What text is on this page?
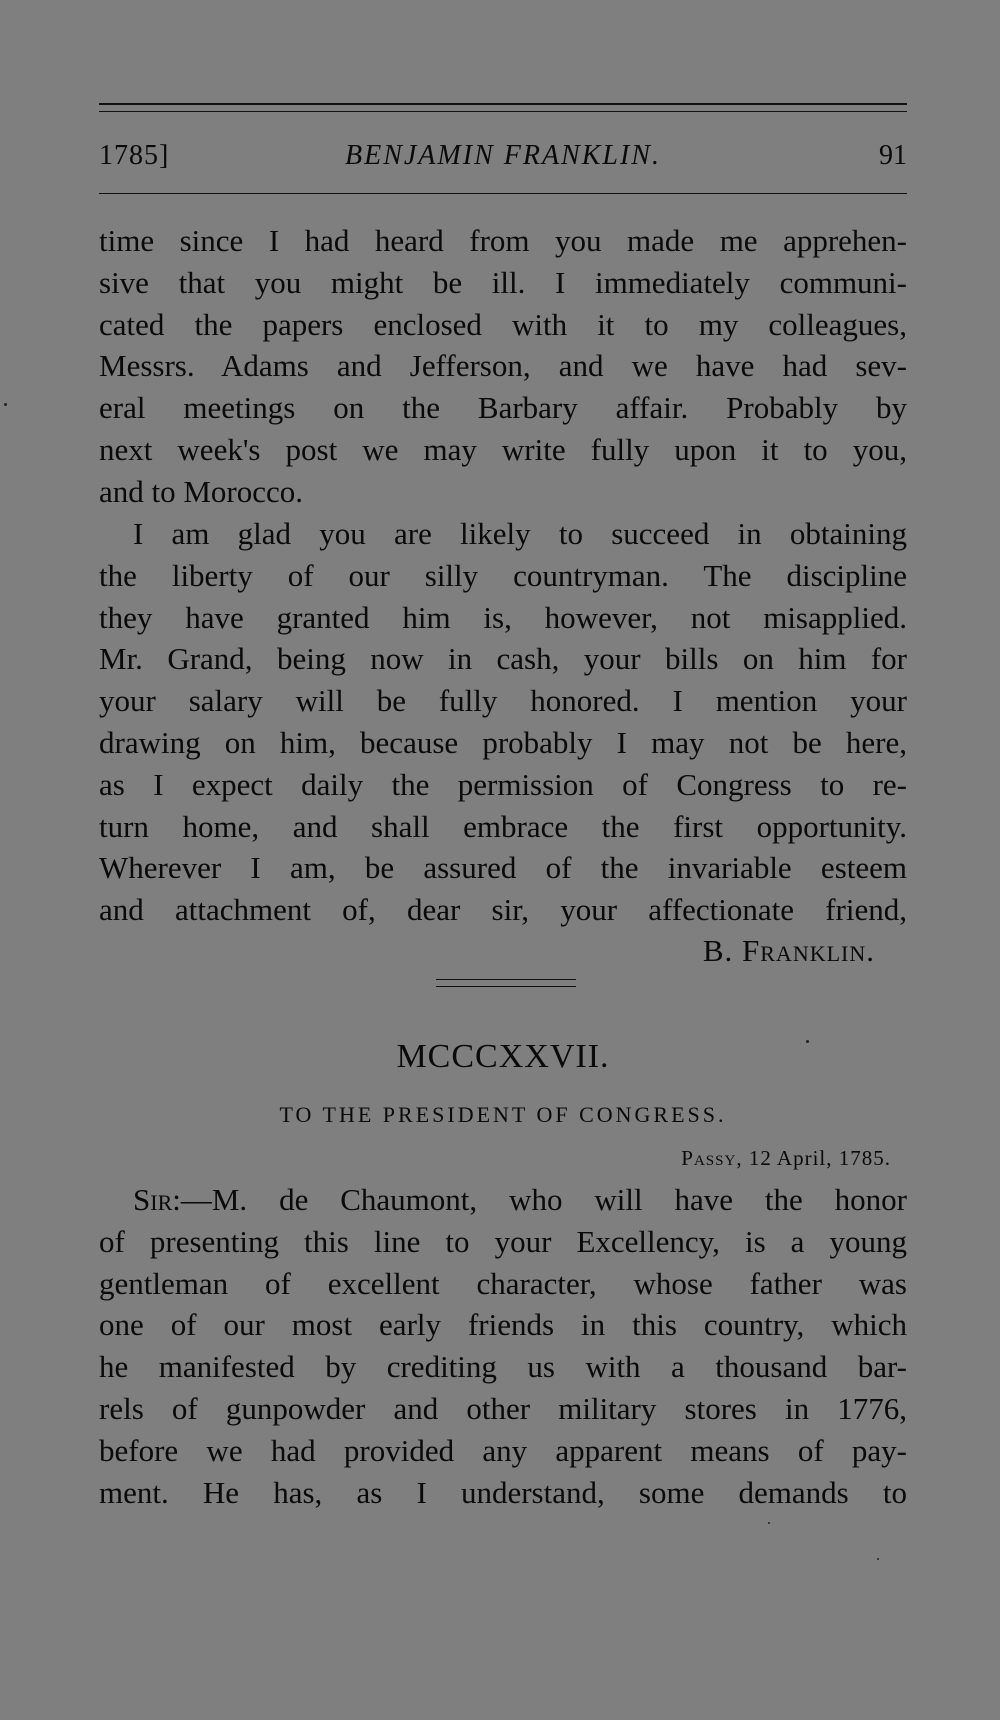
1785]	BENJAMIN FRANKLIN.	91
time since I had heard from you made me apprehen-
sive that you might be ill. I immediately communi-
cated the papers enclosed with it to my colleagues,
Messrs. Adams and Jefferson, and we have had sev-
eral meetings on the Barbary affair. Probably by
next week's post we may write fully upon it to you,
and to Morocco.
I am glad you are likely to succeed in obtaining
the liberty of our silly countryman. The discipline
they have granted him is, however, not misapplied.
Mr. Grand, being now in cash, your bills on him for
your salary will be fully honored. I mention your
drawing on him, because probably I may not be here,
as I expect daily the permission of Congress to re-
turn home, and shall embrace the first opportunity.
Wherever I am, be assured of the invariable esteem
and attachment of, dear sir, your affectionate friend,
B. Franklin.
MCCCXXVII.
TO THE PRESIDENT OF CONGRESS.
Passy, 12 April, 1785.
Sir:—M. de Chaumont, who will have the honor
of presenting this line to your Excellency, is a young
gentleman of excellent character, whose father was
one of our most early friends in this country, which
he manifested by crediting us with a thousand bar-
rels of gunpowder and other military stores in 1776,
before we had provided any apparent means of pay-
ment. He has, as I understand, some demands to
